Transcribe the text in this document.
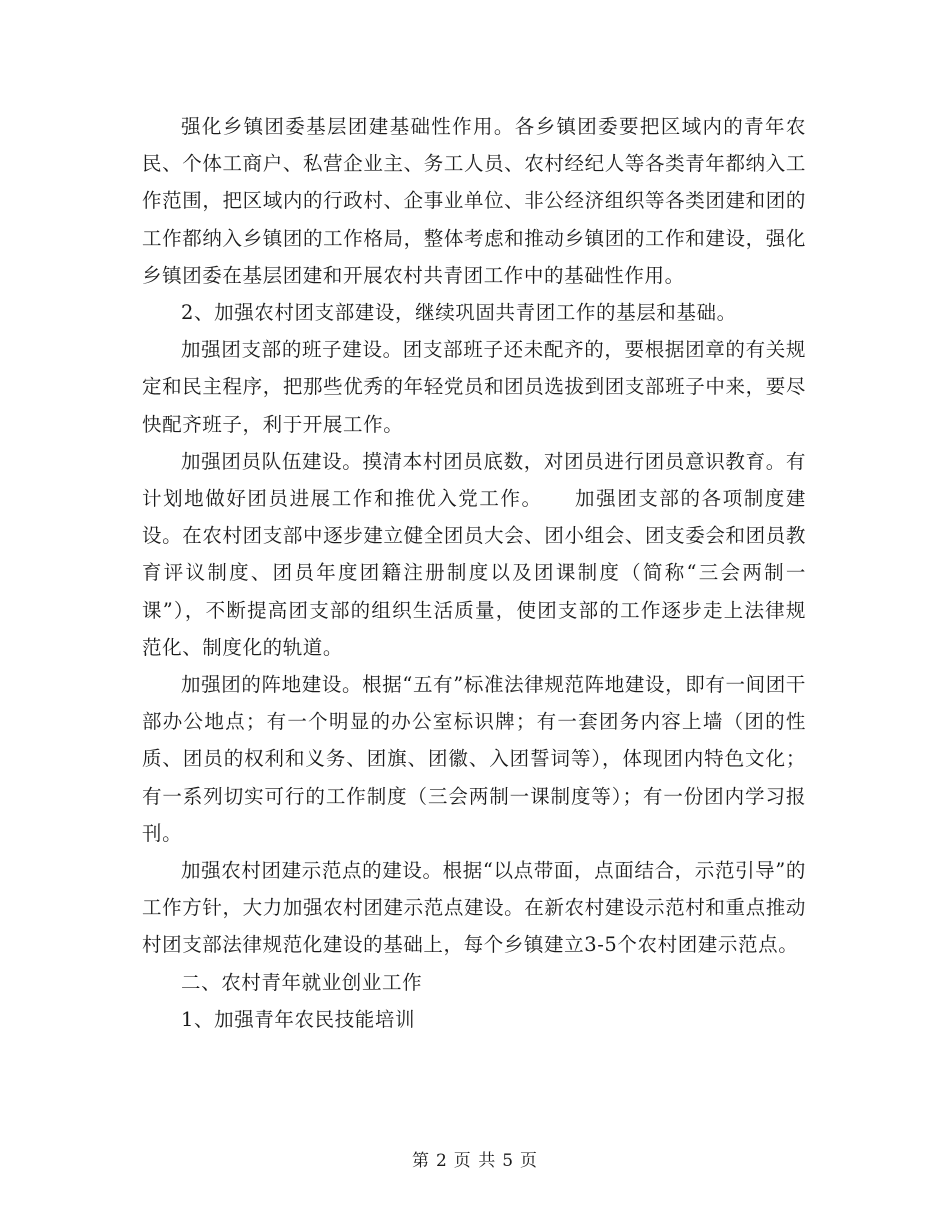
强化乡镇团委基层团建基础性作用。各乡镇团委要把区域内的青年农民、个体工商户、私营企业主、务工人员、农村经纪人等各类青年都纳入工作范围，把区域内的行政村、企事业单位、非公经济组织等各类团建和团的工作都纳入乡镇团的工作格局，整体考虑和推动乡镇团的工作和建设，强化乡镇团委在基层团建和开展农村共青团工作中的基础性作用。

2、加强农村团支部建设，继续巩固共青团工作的基层和基础。

加强团支部的班子建设。团支部班子还未配齐的，要根据团章的有关规定和民主程序，把那些优秀的年轻党员和团员选拔到团支部班子中来，要尽快配齐班子，利于开展工作。

加强团员队伍建设。摸清本村团员底数，对团员进行团员意识教育。有计划地做好团员进展工作和推优入党工作。　　加强团支部的各项制度建设。在农村团支部中逐步建立健全团员大会、团小组会、团支委会和团员教育评议制度、团员年度团籍注册制度以及团课制度（简称“三会两制一课”），不断提高团支部的组织生活质量，使团支部的工作逐步走上法律规范化、制度化的轨道。

加强团的阵地建设。根据“五有”标准法律规范阵地建设，即有一间团干部办公地点；有一个明显的办公室标识牌；有一套团务内容上墙（团的性质、团员的权利和义务、团旗、团徽、入团誓词等），体现团内特色文化；有一系列切实可行的工作制度（三会两制一课制度等）；有一份团内学习报刊。

加强农村团建示范点的建设。根据“以点带面，点面结合，示范引导”的工作方针，大力加强农村团建示范点建设。在新农村建设示范村和重点推动村团支部法律规范化建设的基础上，每个乡镇建立3-5个农村团建示范点。

二、农村青年就业创业工作

1、加强青年农民技能培训

第 2 页 共 5 页
